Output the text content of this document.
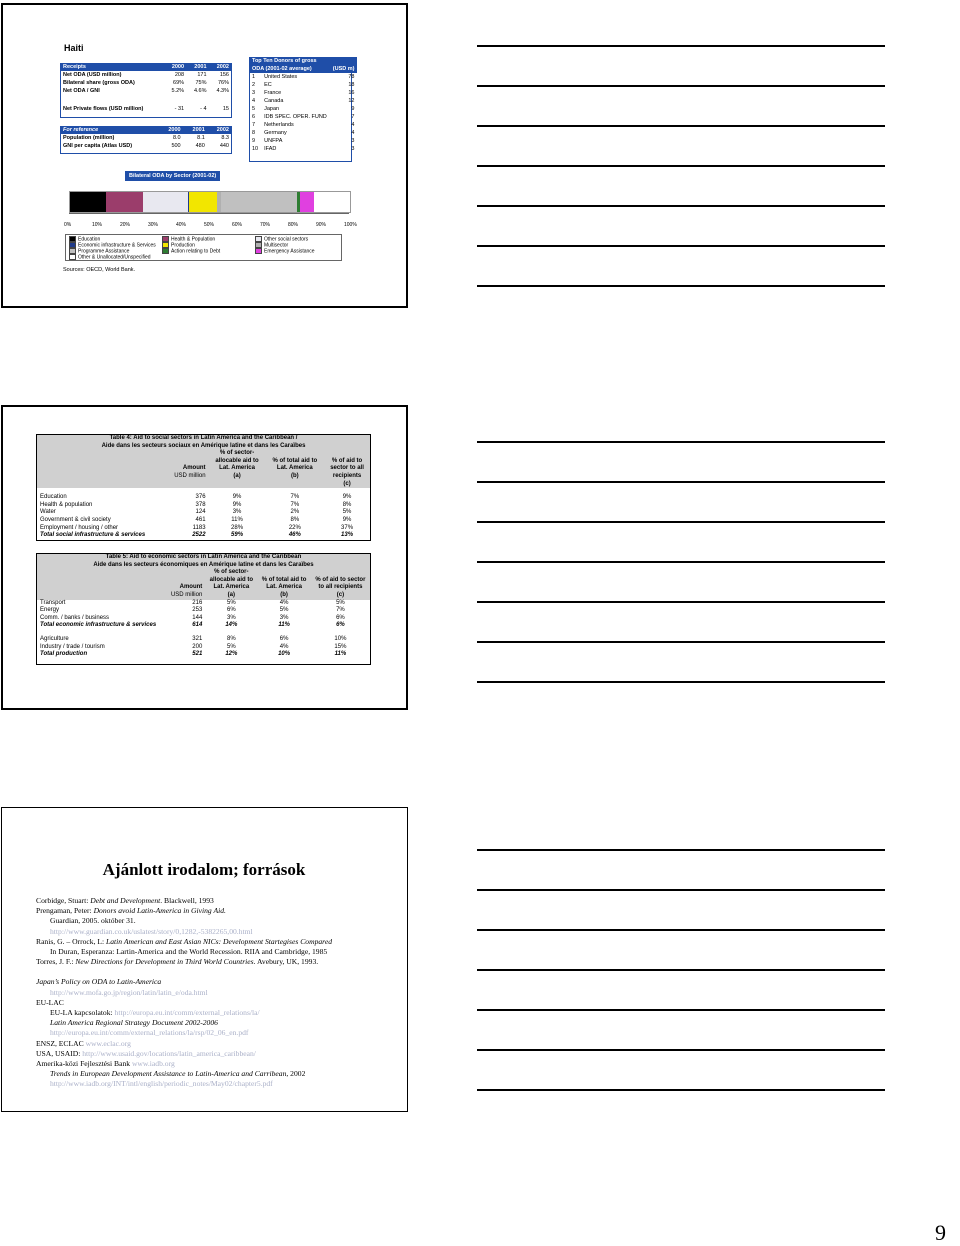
Haiti
Receipts	2000	2001	2002
Net ODA (USD million)	208	171	156
Bilateral share (gross ODA)	69%	75%	76%
Net ODA / GNI	5.2%	4.6%	4.3%

Net Private flows (USD million)	- 31	- 4	15
For reference	2000	2001	2002
Population (million)	8.0	8.1	8.3
GNI per capita (Atlas USD)	500	480	440
Top Ten Donors of gross		
ODA (2001-02 average)		(USD m)
1	United States	78
2	EC	18
3	France	16
4	Canada	12
5	Japan	9
6	IDB SPEC. OPER. FUND	7
7	Netherlands	4
8	Germany	4
9	UNFPA	3
10	IFAD	3
Bilateral ODA by Sector (2001-02)
0%	10%	20%	30%	40%	50%	60%	70%	80%	90%	100%
Education	Health & Population	Other social sectors
Economic infrastructure & Services	Production	Multisector
Programme Assistance	Action relating to Debt	Emergency Assistance
Other & Unallocated/Unspecified
Sources: OECD, World Bank.
Table 4: Aid to social sectors in Latin America and the Caribbean /				
Aide dans les secteurs sociaux en Amérique latine et dans les Caraïbes				
		% of sector-		
		allocable aid to	% of total aid to	% of aid to
	Amount	Lat. America	Lat. America	sector to all
	USD million	(a)	(b)	recipients
				(c)

Education	376	9%	7%	9%
Health & population	378	9%	7%	8%
Water	124	3%	2%	5%
Government & civil society	461	11%	8%	9%
Employment / housing / other	1183	28%	22%	37%
Total social infrastructure & services	2522	59%	46%	13%
Table 5: Aid to economic sectors in Latin America and the Caribbean				
Aide dans les secteurs économiques en Amérique latine et dans les Caraïbes				
		% of sector-		
		allocable aid to	% of total aid to	% of aid to sector
	Amount	Lat. America	Lat. America	to all recipients
	USD million	(a)	(b)	(c)
Transport	216	5%	4%	5%
Energy	253	6%	5%	7%
Comm. / banks / business	144	3%	3%	6%
Total economic infrastructure & services	614	14%	11%	6%

Agriculture	321	8%	6%	10%
Industry / trade / tourism	200	5%	4%	15%
Total production	521	12%	10%	11%

Ajánlott irodalom; források
Corbidge, Stuart: Debt and Development. Blackwell, 1993
Prengaman, Peter: Donors avoid Latin-America in Giving Aid.
Guardian, 2005. október 31.
http://www.guardian.co.uk/uslatest/story/0,1282,-5382265,00.html
Ranis, G. – Orrock, L: Latin American and East Asian NICs: Development Startegises Compared
In Duran, Esperanza: Lartin-America and the World Recession. RIIA and Cambridge, 1985
Torres, J. F.: New Directions for Development in Third World Countries. Avebury, UK, 1993.
Japan’s Policy on ODA to Latin-America
http://www.mofa.go.jp/region/latin/latin_e/oda.html
EU-LAC
EU-LA kapcsolatok: http://europa.eu.int/comm/external_relations/la/
Latin America Regional Strategy Document 2002-2006
http://europa.eu.int/comm/external_relations/la/rsp/02_06_en.pdf
ENSZ, ECLAC www.eclac.org
USA, USAID: http://www.usaid.gov/locations/latin_america_caribbean/
Amerika-közi Fejlesztési Bank www.iadb.org
Trends in European Development Assistance to Latin-America and Carribean, 2002
http://www.iadb.org/INT/intl/english/periodic_notes/May02/chapter5.pdf
9
